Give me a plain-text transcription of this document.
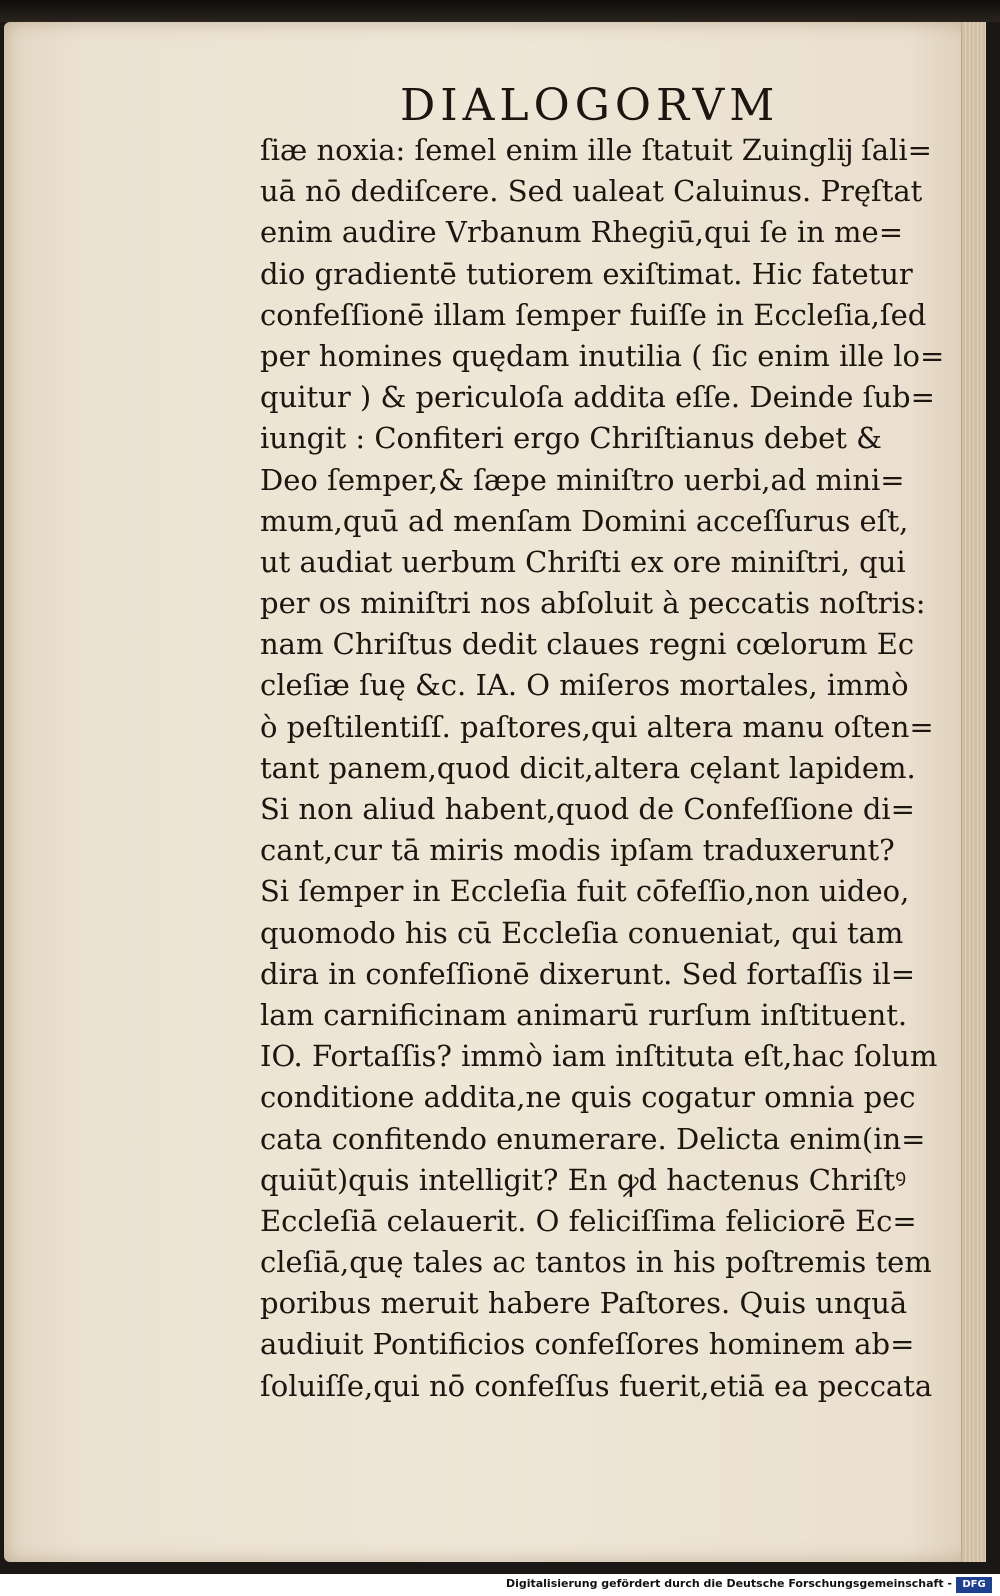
DIALOGORVM
ſiæ noxia: ſemel enim ille ſtatuit Zuinglĳ ſali=
uā nō dediſcere. Sed ualeat Caluinus. Pręſtat
enim audire Vrbanum Rhegiū,qui ſe in me=
dio gradientē tutiorem exiſtimat. Hic fatetur
confeſſionē illam ſemper fuiſſe in Eccleſia,ſed
per homines quędam inutilia ( ſic enim ille lo=
quitur ) & periculoſa addita eſſe. Deinde ſub=
iungit : Confiteri ergo Chriſtianus debet &
Deo ſemper,& ſæpe miniſtro uerbi,ad mini=
mum,quū ad menſam Domini acceſſurus eſt,
ut audiat uerbum Chriſti ex ore miniſtri, qui
per os miniſtri nos abſoluit à peccatis noſtris:
nam Chriſtus dedit claues regni cœlorum Ec
cleſiæ ſuę &c. IA. O miſeros mortales, immò
ò peſtilentiſſ. paſtores,qui altera manu oſten=
tant panem,quod dicit,altera cęlant lapidem.
Si non aliud habent,quod de Confeſſione di=
cant,cur tā miris modis ipſam traduxerunt?
Si ſemper in Eccleſia fuit cōfeſſio,non uideo,
quomodo his cū Eccleſia conueniat, qui tam
dira in confeſſionē dixerunt. Sed fortaſſis il=
lam carnificinam animarū rurſum inſtituent.
IO. Fortaſſis? immò iam inſtituta eſt,hac ſolum
conditione addita,ne quis cogatur omnia pec
cata confitendo enumerare. Delicta enim(in=
quiūt)quis intelligit? En ꝙd hactenus Chriſtꝰ
Eccleſiā celauerit. O feliciſſima feliciorē Ec=
cleſiā,quę tales ac tantos in his poſtremis tem
poribus meruit habere Paſtores. Quis unquā
audiuit Pontificios confeſſores hominem ab=
ſoluiſſe,qui nō confeſſus fuerit,etiā ea peccata
Digitalisierung gefördert durch die Deutsche Forschungsgemeinschaft -	DFG
